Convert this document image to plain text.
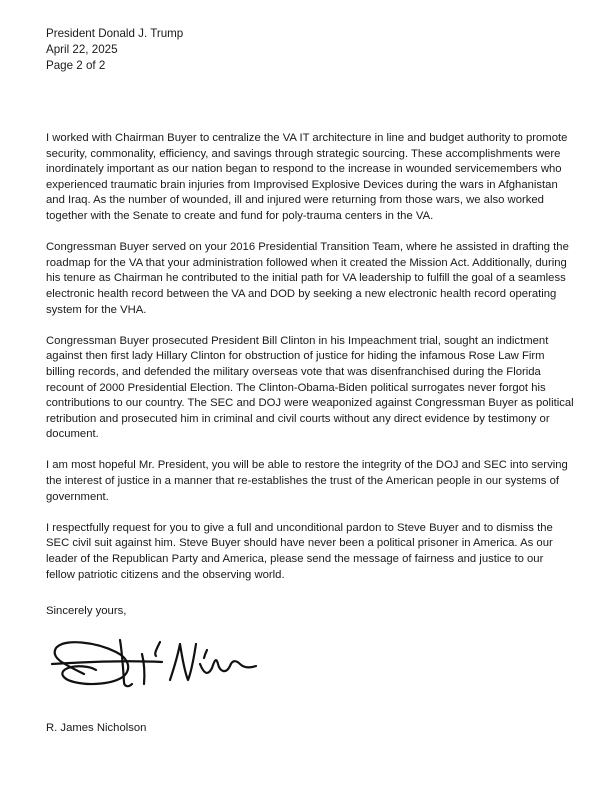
President Donald J. Trump
April 22, 2025
Page 2 of 2

I worked with Chairman Buyer to centralize the VA IT architecture in line and budget authority to promote security, commonality, efficiency, and savings through strategic sourcing. These accomplishments were inordinately important as our nation began to respond to the increase in wounded servicemembers who experienced traumatic brain injuries from Improvised Explosive Devices during the wars in Afghanistan and Iraq. As the number of wounded, ill and injured were returning from those wars, we also worked together with the Senate to create and fund for poly-trauma centers in the VA.

Congressman Buyer served on your 2016 Presidential Transition Team, where he assisted in drafting the roadmap for the VA that your administration followed when it created the Mission Act. Additionally, during his tenure as Chairman he contributed to the initial path for VA leadership to fulfill the goal of a seamless electronic health record between the VA and DOD by seeking a new electronic health record operating system for the VHA.

Congressman Buyer prosecuted President Bill Clinton in his Impeachment trial, sought an indictment against then first lady Hillary Clinton for obstruction of justice for hiding the infamous Rose Law Firm billing records, and defended the military overseas vote that was disenfranchised during the Florida recount of 2000 Presidential Election. The Clinton-Obama-Biden political surrogates never forgot his contributions to our country. The SEC and DOJ were weaponized against Congressman Buyer as political retribution and prosecuted him in criminal and civil courts without any direct evidence by testimony or document.

I am most hopeful Mr. President, you will be able to restore the integrity of the DOJ and SEC into serving the interest of justice in a manner that re-establishes the trust of the American people in our systems of government.

I respectfully request for you to give a full and unconditional pardon to Steve Buyer and to dismiss the SEC civil suit against him. Steve Buyer should have never been a political prisoner in America. As our leader of the Republican Party and America, please send the message of fairness and justice to our fellow patriotic citizens and the observing world.

Sincerely yours,
R. James Nicholson
